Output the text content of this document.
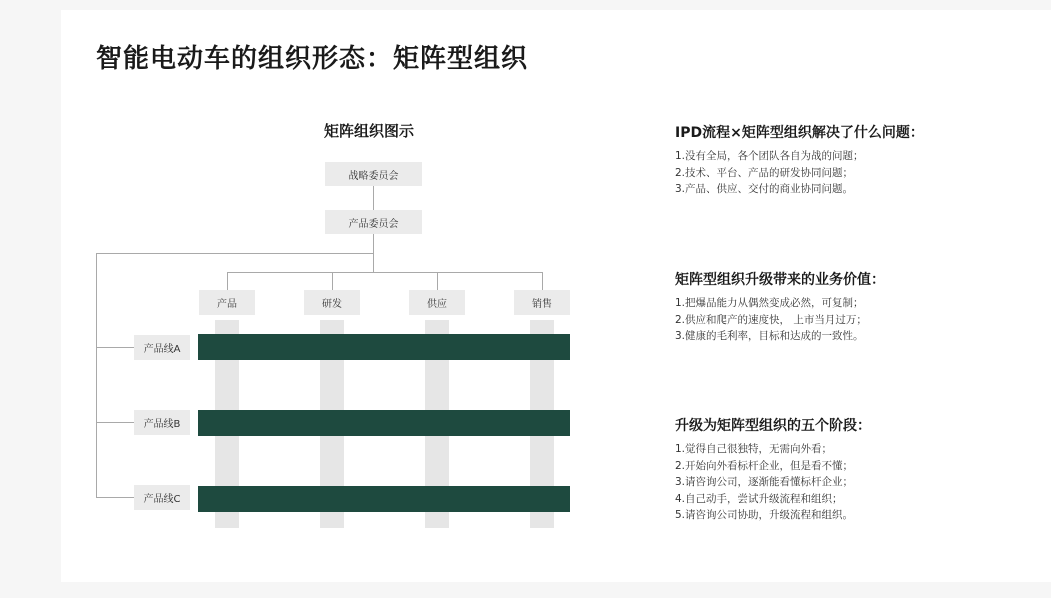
智能电动车的组织形态：矩阵型组织
矩阵组织图示
战略委员会
产品委员会
产品	研发	供应	销售
产品线A
产品线B
产品线C
IPD流程×矩阵型组织解决了什么问题：
1.没有全局，各个团队各自为战的问题；
2.技术、平台、产品的研发协同问题；
3.产品、供应、交付的商业协同问题。
矩阵型组织升级带来的业务价值：
1.把爆品能力从偶然变成必然，可复制；
2.供应和爬产的速度快， 上市当月过万；
3.健康的毛利率，目标和达成的一致性。
升级为矩阵型组织的五个阶段：
1.觉得自己很独特，无需向外看；
2.开始向外看标杆企业，但是看不懂；
3.请咨询公司，逐渐能看懂标杆企业；
4.自己动手，尝试升级流程和组织；
5.请咨询公司协助，升级流程和组织。
